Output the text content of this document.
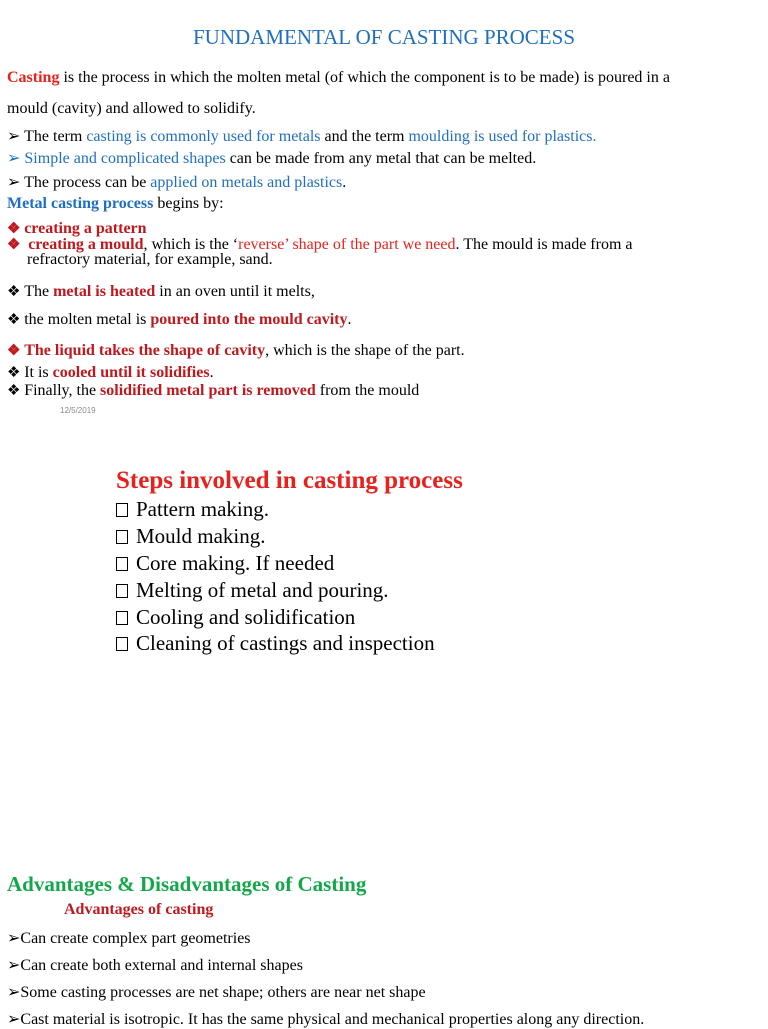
FUNDAMENTAL OF CASTING PROCESS
Casting is the process in which the molten metal (of which the component is to be made) is poured in a
mould (cavity) and allowed to solidify.
➢ The term casting is commonly used for metals and the term moulding is used for plastics.
➢ Simple and complicated shapes can be made from any metal that can be melted.
➢ The process can be applied on metals and plastics.
Metal casting process begins by:
❖ creating a pattern
❖ creating a mould, which is the ‘reverse’ shape of the part we need. The mould is made from a
refractory material, for example, sand.
❖ The metal is heated in an oven until it melts,
❖ the molten metal is poured into the mould cavity.
❖ The liquid takes the shape of cavity, which is the shape of the part.
❖ It is cooled until it solidifies.
❖ Finally, the solidified metal part is removed from the mould
12/5/2019
Steps involved in casting process
Pattern making.
Mould making.
Core making. If needed
Melting of metal and pouring.
Cooling and solidification
Cleaning of castings and inspection
Advantages & Disadvantages of Casting
Advantages of casting
➢Can create complex part geometries
➢Can create both external and internal shapes
➢Some casting processes are net shape; others are near net shape
➢Cast material is isotropic. It has the same physical and mechanical properties along any direction.
